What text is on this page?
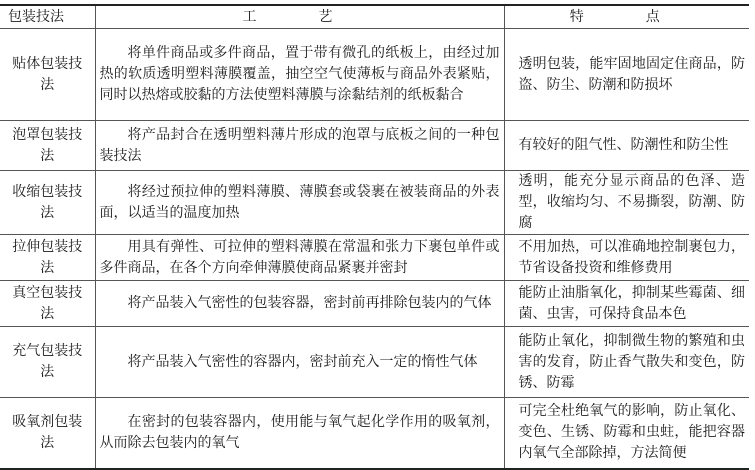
包装技法	工　艺	特　点
贴体包装技法	将单件商品或多件商品，置于带有微孔的纸板上，由经过加热的软质透明塑料薄膜覆盖，抽空空气使薄板与商品外表紧贴，同时以热熔或胶黏的方法使塑料薄膜与涂黏结剂的纸板黏合	透明包装，能牢固地固定住商品，防盗、防尘、防潮和防损坏
泡罩包装技法	将产品封合在透明塑料薄片形成的泡罩与底板之间的一种包装技法	有较好的阻气性、防潮性和防尘性
收缩包装技法	将经过预拉伸的塑料薄膜、薄膜套或袋裹在被装商品的外表面，以适当的温度加热	透明，能充分显示商品的色泽、造型，收缩均匀、不易撕裂，防潮、防腐
拉伸包装技法	用具有弹性、可拉伸的塑料薄膜在常温和张力下裹包单件或多件商品，在各个方向牵伸薄膜使商品紧裹并密封	不用加热，可以准确地控制裹包力，节省设备投资和维修费用
真空包装技法	将产品装入气密性的包装容器，密封前再排除包装内的气体	能防止油脂氧化，抑制某些霉菌、细菌、虫害，可保持食品本色
充气包装技法	将产品装入气密性的容器内，密封前充入一定的惰性气体	能防止氧化，抑制微生物的繁殖和虫害的发育，防止香气散失和变色，防锈、防霉
吸氧剂包装法	在密封的包装容器内，使用能与氧气起化学作用的吸氧剂，从而除去包装内的氧气	可完全杜绝氧气的影响，防止氧化、变色、生锈、防霉和虫蛀，能把容器内氧气全部除掉，方法简便
